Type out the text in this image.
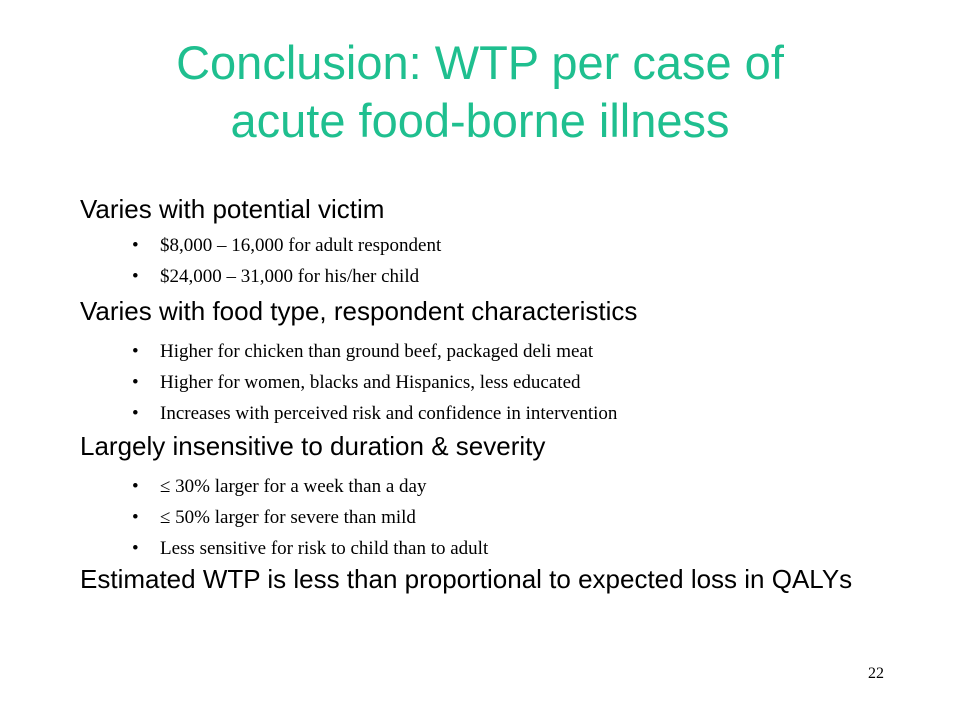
Conclusion: WTP per case of
acute food-borne illness

Varies with potential victim

• $8,000 – 16,000 for adult respondent
• $24,000 – 31,000 for his/her child

Varies with food type, respondent characteristics

• Higher for chicken than ground beef, packaged deli meat
• Higher for women, blacks and Hispanics, less educated
• Increases with perceived risk and confidence in intervention

Largely insensitive to duration & severity

• ≤ 30% larger for a week than a day
• ≤ 50% larger for severe than mild
• Less sensitive for risk to child than to adult

Estimated WTP is less than proportional to expected loss in QALYs

22
